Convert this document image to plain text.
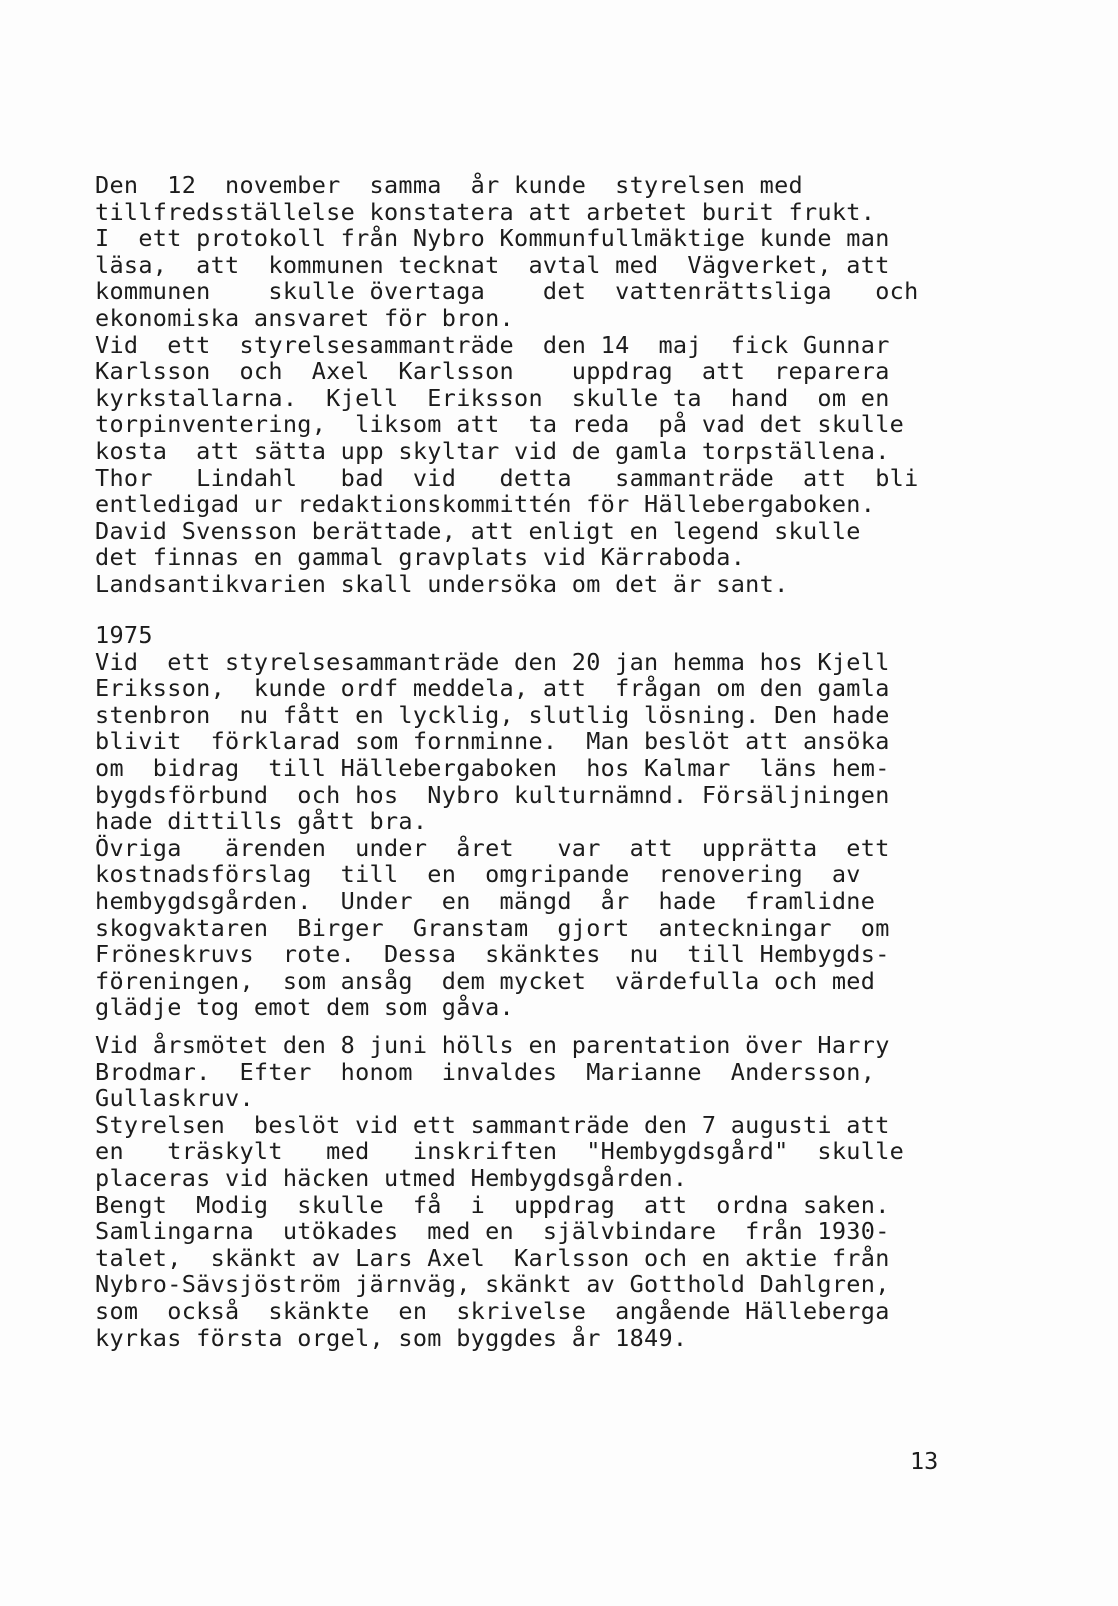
Den  12  november  samma  år kunde  styrelsen med
tillfredsställelse konstatera att arbetet burit frukt.
I  ett protokoll från Nybro Kommunfullmäktige kunde man
läsa,  att  kommunen tecknat  avtal med  Vägverket, att
kommunen    skulle övertaga    det  vattenrättsliga   och
ekonomiska ansvaret för bron.
Vid  ett  styrelsesammanträde  den 14  maj  fick Gunnar
Karlsson  och  Axel  Karlsson    uppdrag  att  reparera
kyrkstallarna.  Kjell  Eriksson  skulle ta  hand  om en
torpinventering,  liksom att  ta reda  på vad det skulle
kosta  att sätta upp skyltar vid de gamla torpställena.
Thor   Lindahl   bad  vid   detta   sammanträde  att  bli
entledigad ur redaktionskommittén för Hällebergaboken.
David Svensson berättade, att enligt en legend skulle
det finnas en gammal gravplats vid Kärraboda.
Landsantikvarien skall undersöka om det är sant.
1975
Vid  ett styrelsesammanträde den 20 jan hemma hos Kjell
Eriksson,  kunde ordf meddela, att  frågan om den gamla
stenbron  nu fått en lycklig, slutlig lösning. Den hade
blivit  förklarad som fornminne.  Man beslöt att ansöka
om  bidrag  till Hällebergaboken  hos Kalmar  läns hem-
bygdsförbund  och hos  Nybro kulturnämnd. Försäljningen
hade dittills gått bra.
Övriga   ärenden  under  året   var  att  upprätta  ett
kostnadsförslag  till  en  omgripande  renovering  av
hembygdsgården.  Under  en  mängd  år  hade  framlidne
skogvaktaren  Birger  Granstam  gjort  anteckningar  om
Fröneskruvs  rote.  Dessa  skänktes  nu  till Hembygds-
föreningen,  som ansåg  dem mycket  värdefulla och med
glädje tog emot dem som gåva.
Vid årsmötet den 8 juni hölls en parentation över Harry
Brodmar.  Efter  honom  invaldes  Marianne  Andersson,
Gullaskruv.
Styrelsen  beslöt vid ett sammanträde den 7 augusti att
en   träskylt   med   inskriften  "Hembygdsgård"  skulle
placeras vid häcken utmed Hembygdsgården.
Bengt  Modig  skulle  få  i  uppdrag  att  ordna saken.
Samlingarna  utökades  med en  självbindare  från 1930-
talet,  skänkt av Lars Axel  Karlsson och en aktie från
Nybro-Sävsjöström järnväg, skänkt av Gotthold Dahlgren,
som  också  skänkte  en  skrivelse  angående Hälleberga
kyrkas första orgel, som byggdes år 1849.
13
